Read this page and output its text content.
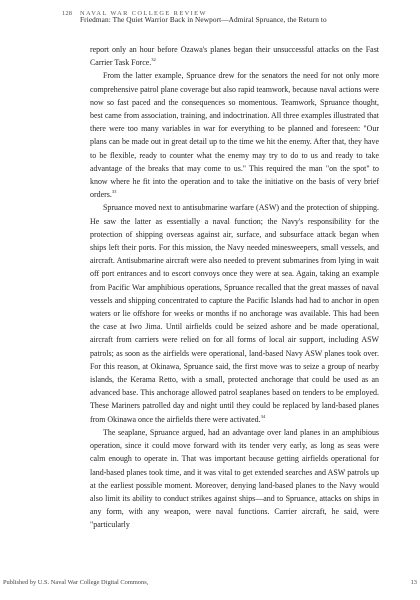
128 NAVAL WAR COLLEGE REVIEW
Friedman: The Quiet Warrior Back in Newport—Admiral Spruance, the Return to

report only an hour before Ozawa's planes began their unsuccessful attacks on the Fast Carrier Task Force.$^{32}$

From the latter example, Spruance drew for the senators the need for not only more comprehensive patrol plane coverage but also rapid teamwork, because naval actions were now so fast paced and the consequences so momentous. Teamwork, Spruance thought, best came from association, training, and indoctrination. All three examples illustrated that there were too many variables in war for everything to be planned and foreseen: "Our plans can be made out in great detail up to the time we hit the enemy. After that, they have to be flexible, ready to counter what the enemy may try to do to us and ready to take advantage of the breaks that may come to us." This required the man "on the spot" to know where he fit into the operation and to take the initiative on the basis of very brief orders.$^{33}$

Spruance moved next to antisubmarine warfare (ASW) and the protection of shipping. He saw the latter as essentially a naval function; the Navy's responsibility for the protection of shipping overseas against air, surface, and subsurface attack began when ships left their ports. For this mission, the Navy needed minesweepers, small vessels, and aircraft. Antisubmarine aircraft were also needed to prevent submarines from lying in wait off port entrances and to escort convoys once they were at sea. Again, taking an example from Pacific War amphibious operations, Spruance recalled that the great masses of naval vessels and shipping concentrated to capture the Pacific Islands had had to anchor in open waters or lie offshore for weeks or months if no anchorage was available. This had been the case at Iwo Jima. Until airfields could be seized ashore and be made operational, aircraft from carriers were relied on for all forms of local air support, including ASW patrols; as soon as the airfields were operational, land-based Navy ASW planes took over. For this reason, at Okinawa, Spruance said, the first move was to seize a group of nearby islands, the Kerama Retto, with a small, protected anchorage that could be used as an advanced base. This anchorage allowed patrol seaplanes based on tenders to be employed. These Mariners patrolled day and night until they could be replaced by land-based planes from Okinawa once the airfields there were activated.$^{34}$

The seaplane, Spruance argued, had an advantage over land planes in an amphibious operation, since it could move forward with its tender very early, as long as seas were calm enough to operate in. That was important because getting airfields operational for land-based planes took time, and it was vital to get extended searches and ASW patrols up at the earliest possible moment. Moreover, denying land-based planes to the Navy would also limit its ability to conduct strikes against ships—and to Spruance, attacks on ships in any form, with any weapon, were naval functions. Carrier aircraft, he said, were "particularly

Published by U.S. Naval War College Digital Commons,	13
